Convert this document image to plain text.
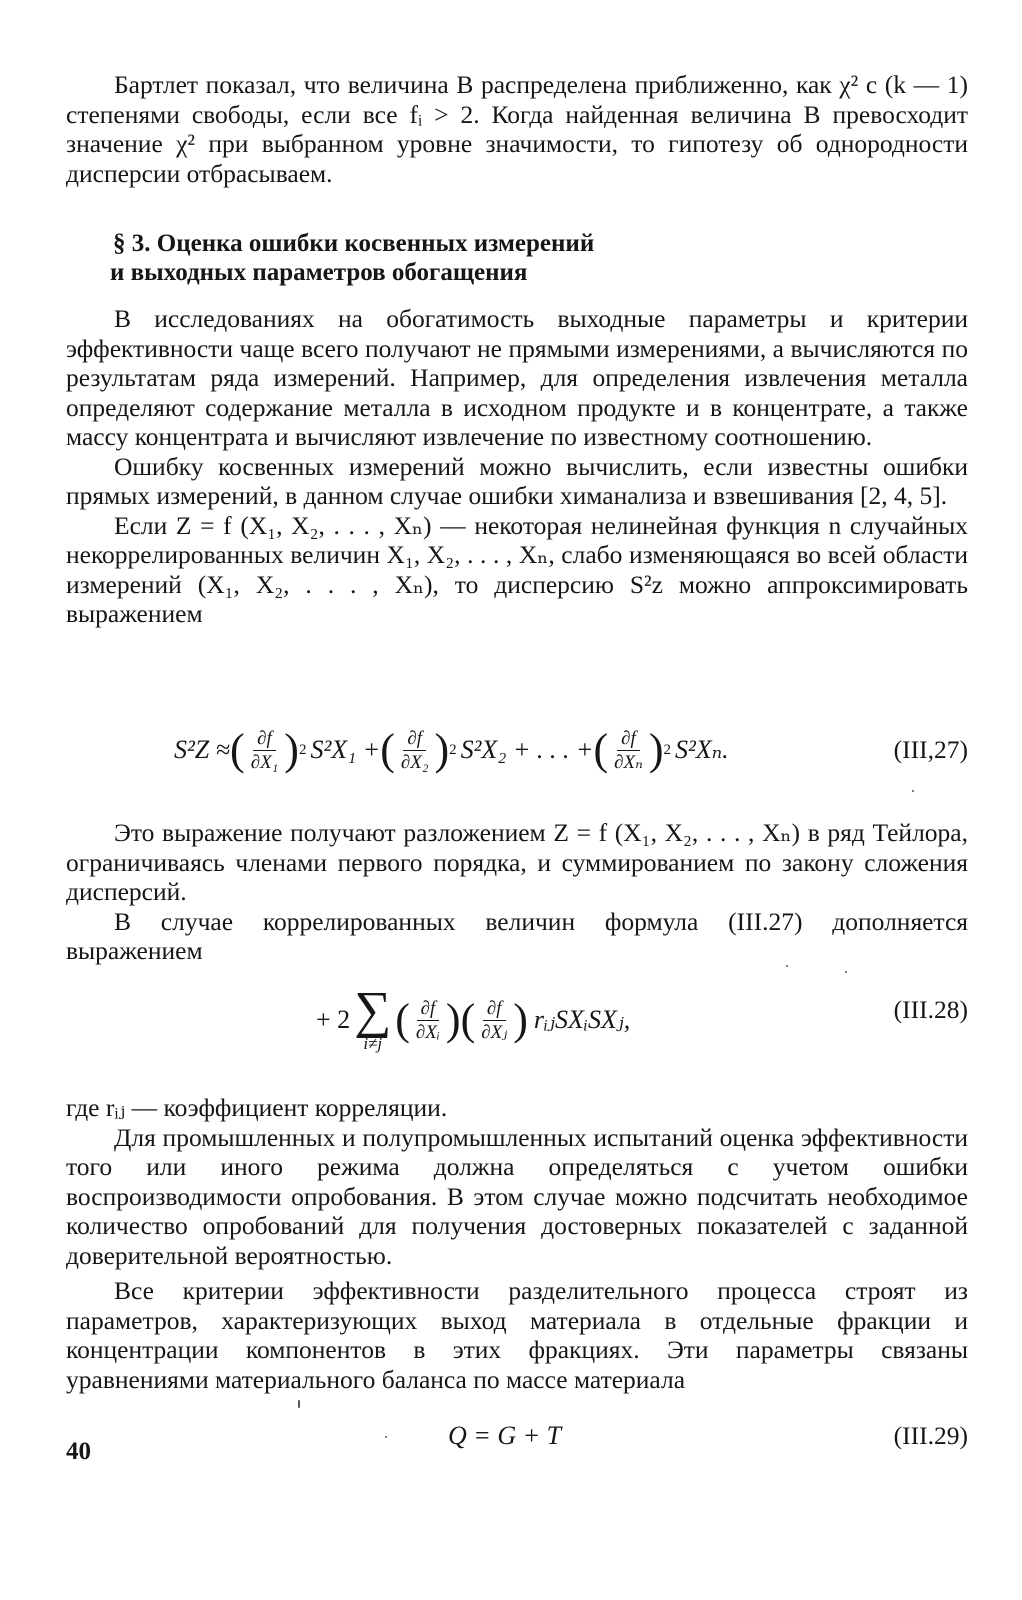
Бартлет показал, что величина B распределена приближенно, как χ² с (k — 1) степенями свободы, если все fᵢ > 2. Когда найденная величина B превосходит значение χ² при выбранном уровне значимости, то гипотезу об однородности дисперсии отбрасываем.

§ 3. Оценка ошибки косвенных измерений
и выходных параметров обогащения

В исследованиях на обогатимость выходные параметры и критерии эффективности чаще всего получают не прямыми измерениями, а вычисляются по результатам ряда измерений. Например, для определения извлечения металла определяют содержание металла в исходном продукте и в концентрате, а также массу концентрата и вычисляют извлечение по известному соотношению.

Ошибку косвенных измерений можно вычислить, если известны ошибки прямых измерений, в данном случае ошибки химанализа и взвешивания [2, 4, 5].

Если Z = f (X₁, X₂, . . . , Xₙ) — некоторая нелинейная функция n случайных некоррелированных величин X₁, X₂, . . . , Xₙ, слабо изменяющаяся во всей области измерений (X₁, X₂, . . . , Xₙ), то дисперсию S²z можно аппроксимировать выражением

S²Z ≈ ( $\frac{\partial f}{\text{∂X₁}}$ ) 2 S²X₁ + ( $\frac{\partial f}{\text{∂X₂}}$ ) 2 S²X₂ + . . . + ( $\frac{\partial f}{\text{∂Xₙ}}$ ) 2 S²Xₙ.	(III,27)

Это выражение получают разложением Z = f (X₁, X₂, . . . , Xₙ) в ряд Тейлора, ограничиваясь членами первого порядка, и суммированием по закону сложения дисперсий.

В случае коррелированных величин формула (III.27) дополняется выражением

+ 2 ∑
i≠j ( $\frac{\partial f}{\text{∂Xᵢ}}$ ) ( $\frac{\partial f}{\text{∂Xⱼ}}$ ) rᵢⱼSXᵢSXⱼ,	(III.28)

где rᵢⱼ — коэффициент корреляции.

Для промышленных и полупромышленных испытаний оценка эффективности того или иного режима должна определяться с учетом ошибки воспроизводимости опробования. В этом случае можно подсчитать необходимое количество опробований для получения достоверных показателей с заданной доверительной вероятностью.

Все критерии эффективности разделительного процесса строят из параметров, характеризующих выход материала в отдельные фракции и концентрации компонентов в этих фракциях. Эти параметры связаны уравнениями материального баланса по массе материала

Q = G + T	(III.29)
40
